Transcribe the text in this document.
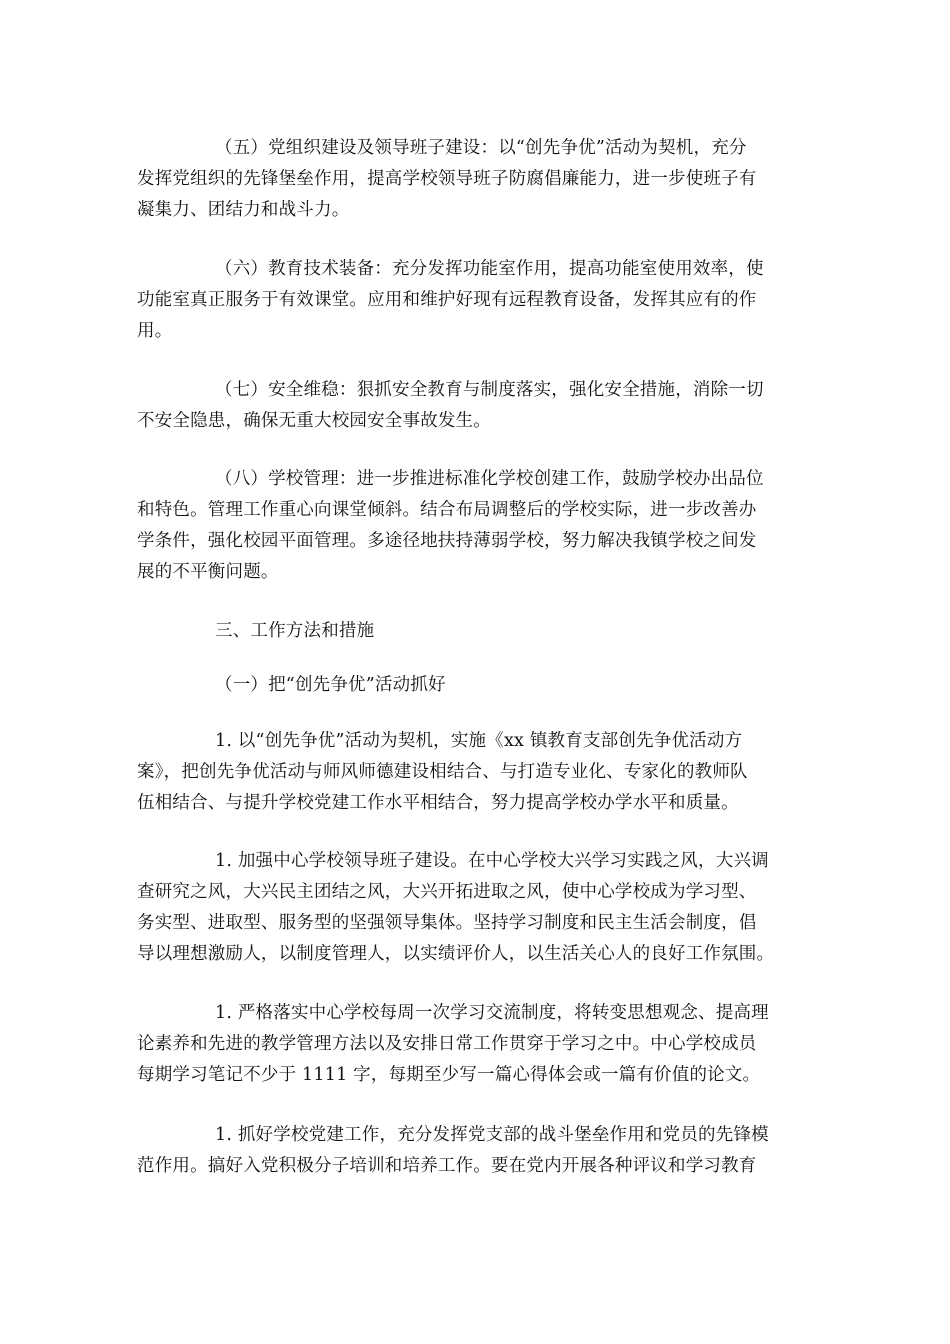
（五）党组织建设及领导班子建设：以“创先争优”活动为契机，充分
发挥党组织的先锋堡垒作用，提高学校领导班子防腐倡廉能力，进一步使班子有
凝集力、团结力和战斗力。
（六）教育技术装备：充分发挥功能室作用，提高功能室使用效率，使
功能室真正服务于有效课堂。应用和维护好现有远程教育设备，发挥其应有的作
用。
（七）安全维稳：狠抓安全教育与制度落实，强化安全措施，消除一切
不安全隐患，确保无重大校园安全事故发生。
（八）学校管理：进一步推进标准化学校创建工作，鼓励学校办出品位
和特色。管理工作重心向课堂倾斜。结合布局调整后的学校实际，进一步改善办
学条件，强化校园平面管理。多途径地扶持薄弱学校，努力解决我镇学校之间发
展的不平衡问题。
三、工作方法和措施
（一）把“创先争优”活动抓好
1. 以“创先争优”活动为契机，实施《xx 镇教育支部创先争优活动方
案》，把创先争优活动与师风师德建设相结合、与打造专业化、专家化的教师队
伍相结合、与提升学校党建工作水平相结合，努力提高学校办学水平和质量。
1. 加强中心学校领导班子建设。在中心学校大兴学习实践之风，大兴调
查研究之风，大兴民主团结之风，大兴开拓进取之风，使中心学校成为学习型、
务实型、进取型、服务型的坚强领导集体。坚持学习制度和民主生活会制度，倡
导以理想激励人，以制度管理人，以实绩评价人，以生活关心人的良好工作氛围。
1. 严格落实中心学校每周一次学习交流制度，将转变思想观念、提高理
论素养和先进的教学管理方法以及安排日常工作贯穿于学习之中。中心学校成员
每期学习笔记不少于 1111 字，每期至少写一篇心得体会或一篇有价值的论文。
1. 抓好学校党建工作，充分发挥党支部的战斗堡垒作用和党员的先锋模
范作用。搞好入党积极分子培训和培养工作。要在党内开展各种评议和学习教育
